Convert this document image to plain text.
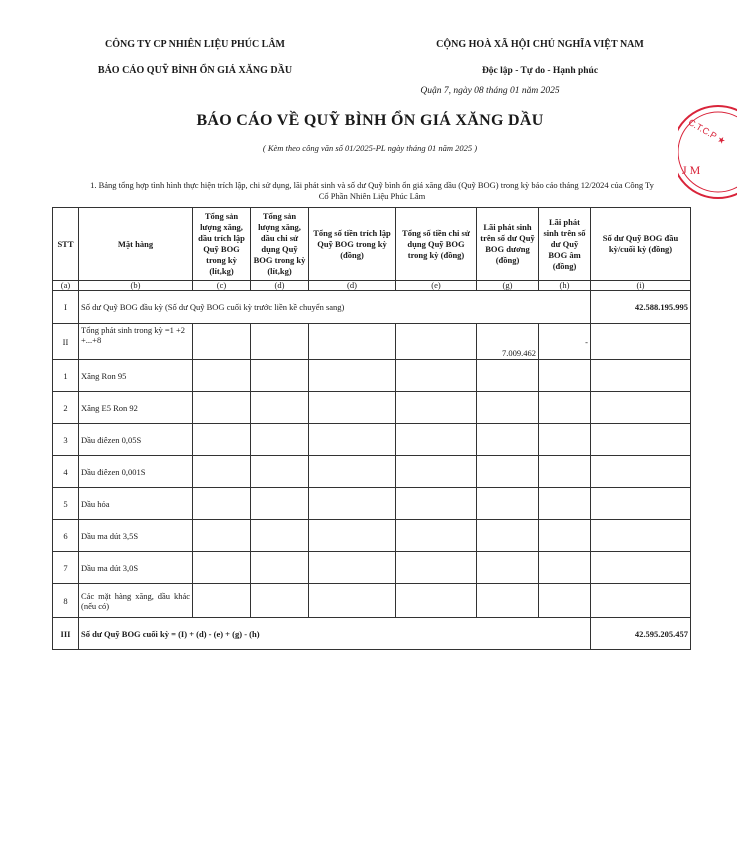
CÔNG TY CP NHIÊN LIỆU PHÚC LÂM
BÁO CÁO QUỸ BÌNH ỔN GIÁ XĂNG DẦU
CỘNG HOÀ XÃ HỘI CHỦ NGHĨA VIỆT NAM
Độc lập - Tự do - Hạnh phúc
Quận 7, ngày 08 tháng 01 năm 2025
BÁO CÁO VỀ QUỸ BÌNH ỔN GIÁ XĂNG DẦU
( Kèm theo công văn số 01/2025-PL ngày tháng 01 năm 2025 )
1. Bảng tổng hợp tình hình thực hiện trích lập, chi sử dụng, lãi phát sinh và số dư Quỹ bình ổn giá xăng dầu (Quỹ BOG) trong kỳ báo cáo tháng 12/2024 của Công Ty
Cổ Phần Nhiên Liệu Phúc Lâm
STT	Mặt hàng	Tổng sản lượng xăng, dầu trích lập Quỹ BOG trong kỳ (lít,kg)	Tổng sản lượng xăng, dầu chi sử dụng Quỹ BOG trong kỳ (lít,kg)	Tổng số tiền trích lập Quỹ BOG trong kỳ (đồng)	Tổng số tiền chi sử dụng Quỹ BOG trong kỳ (đồng)	Lãi phát sinh trên số dư Quỹ BOG dương (đồng)	Lãi phát sinh trên số dư Quỹ BOG âm (đồng)	Số dư Quỹ BOG đầu kỳ/cuối kỳ (đồng)
(a)	(b)	(c)	(d)	(d)	(e)	(g)	(h)	(i)
I	Số dư Quỹ BOG đầu kỳ (Số dư Quỹ BOG cuối kỳ trước liền kề chuyển sang)							42.588.195.995
II	Tổng phát sinh trong kỳ =1 +2 +...+8					7.009.462	-	
1	Xăng Ron 95							
2	Xăng E5 Ron 92							
3	Dầu điêzen 0,05S							
4	Dầu điêzen 0,001S							
5	Dầu hỏa							
6	Dầu ma dút 3,5S							
7	Dầu ma dút 3,0S							
8	Các mặt hàng xăng, dầu khác (nếu có)							
III	Số dư Quỹ BOG cuối kỳ = (I) + (d) - (e) + (g) - (h)							42.595.205.457
C.T.C.P ★
J M
